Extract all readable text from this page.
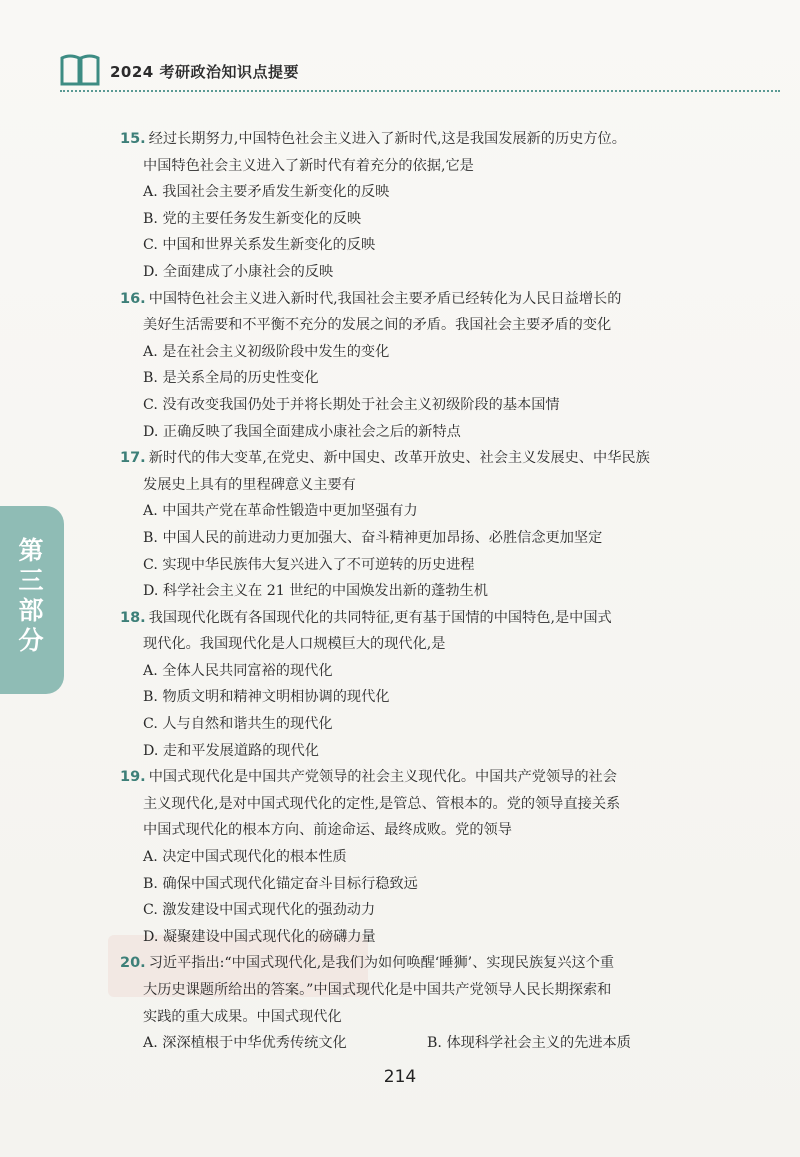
2024 考研政治知识点提要
第
三
部
分
15. 经过长期努力,中国特色社会主义进入了新时代,这是我国发展新的历史方位。
中国特色社会主义进入了新时代有着充分的依据,它是
A. 我国社会主要矛盾发生新变化的反映
B. 党的主要任务发生新变化的反映
C. 中国和世界关系发生新变化的反映
D. 全面建成了小康社会的反映
16. 中国特色社会主义进入新时代,我国社会主要矛盾已经转化为人民日益增长的
美好生活需要和不平衡不充分的发展之间的矛盾。我国社会主要矛盾的变化
A. 是在社会主义初级阶段中发生的变化
B. 是关系全局的历史性变化
C. 没有改变我国仍处于并将长期处于社会主义初级阶段的基本国情
D. 正确反映了我国全面建成小康社会之后的新特点
17. 新时代的伟大变革,在党史、新中国史、改革开放史、社会主义发展史、中华民族
发展史上具有的里程碑意义主要有
A. 中国共产党在革命性锻造中更加坚强有力
B. 中国人民的前进动力更加强大、奋斗精神更加昂扬、必胜信念更加坚定
C. 实现中华民族伟大复兴进入了不可逆转的历史进程
D. 科学社会主义在 21 世纪的中国焕发出新的蓬勃生机
18. 我国现代化既有各国现代化的共同特征,更有基于国情的中国特色,是中国式
现代化。我国现代化是人口规模巨大的现代化,是
A. 全体人民共同富裕的现代化
B. 物质文明和精神文明相协调的现代化
C. 人与自然和谐共生的现代化
D. 走和平发展道路的现代化
19. 中国式现代化是中国共产党领导的社会主义现代化。中国共产党领导的社会
主义现代化,是对中国式现代化的定性,是管总、管根本的。党的领导直接关系
中国式现代化的根本方向、前途命运、最终成败。党的领导
A. 决定中国式现代化的根本性质
B. 确保中国式现代化锚定奋斗目标行稳致远
C. 激发建设中国式现代化的强劲动力
D. 凝聚建设中国式现代化的磅礴力量
20. 习近平指出:“中国式现代化,是我们为如何唤醒‘睡狮’、实现民族复兴这个重
大历史课题所给出的答案。”中国式现代化是中国共产党领导人民长期探索和
实践的重大成果。中国式现代化
A. 深深植根于中华优秀传统文化	B. 体现科学社会主义的先进本质
214
